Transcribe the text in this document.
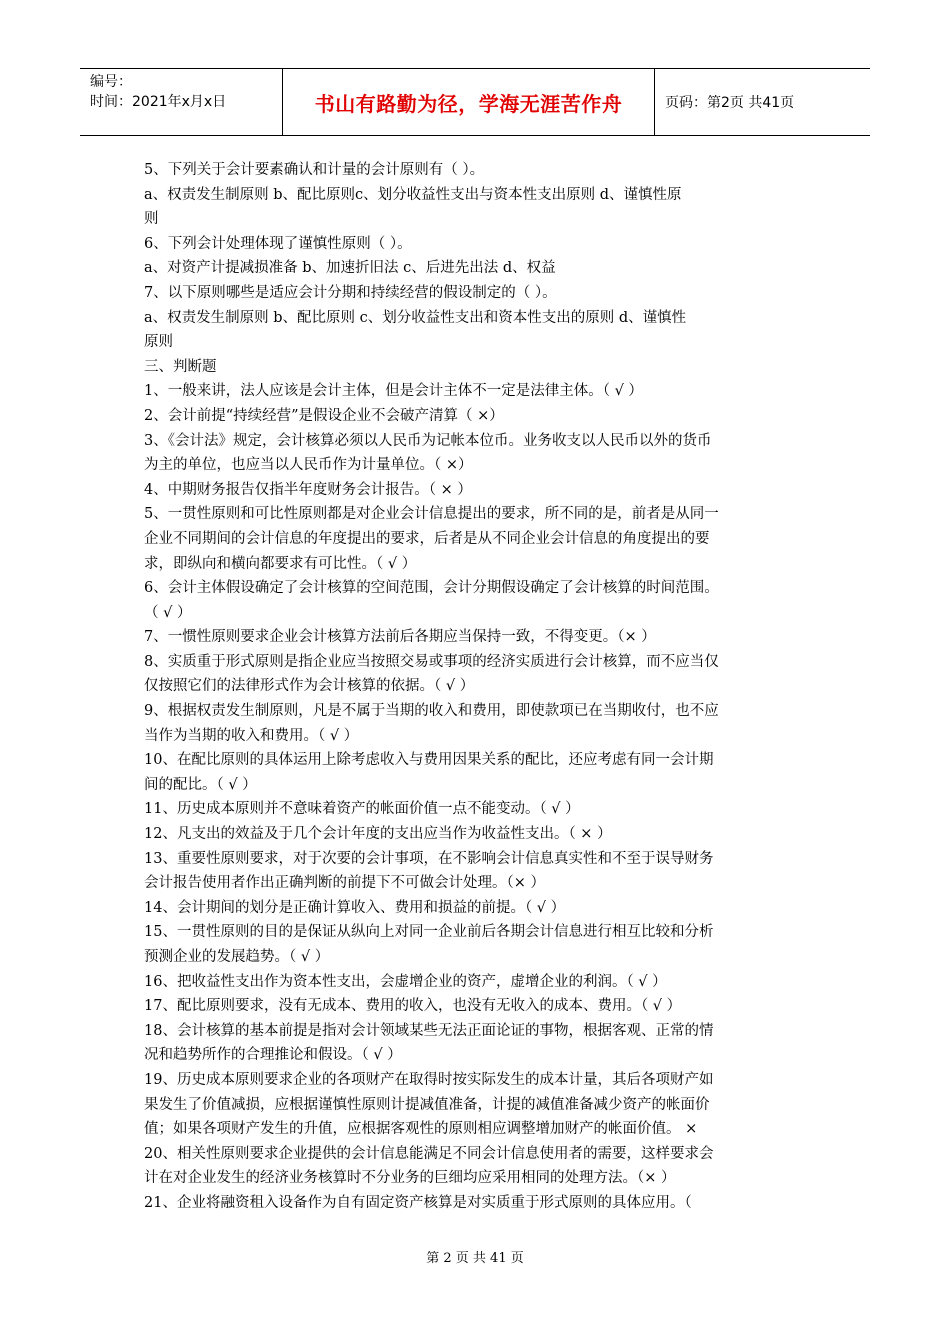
编号：
时间：2021年x月x日	书山有路勤为径，学海无涯苦作舟	页码：第2页 共41页
5、下列关于会计要素确认和计量的会计原则有（ ）。
a、权责发生制原则 b、配比原则c、划分收益性支出与资本性支出原则 d、谨慎性原
则
6、下列会计处理体现了谨慎性原则（ ）。
a、对资产计提减损准备 b、加速折旧法 c、后进先出法 d、权益
7、以下原则哪些是适应会计分期和持续经营的假设制定的（ ）。
a、权责发生制原则 b、配比原则 c、划分收益性支出和资本性支出的原则 d、谨慎性
原则
三、判断题
1、一般来讲，法人应该是会计主体，但是会计主体不一定是法律主体。（ √ ）
2、会计前提“持续经营”是假设企业不会破产清算（ ×）
3、《会计法》规定，会计核算必须以人民币为记帐本位币。业务收支以人民币以外的货币
为主的单位，也应当以人民币作为计量单位。（ ×）
4、中期财务报告仅指半年度财务会计报告。（ × ）
5、一贯性原则和可比性原则都是对企业会计信息提出的要求，所不同的是，前者是从同一
企业不同期间的会计信息的年度提出的要求，后者是从不同企业会计信息的角度提出的要
求，即纵向和横向都要求有可比性。（ √ ）
6、会计主体假设确定了会计核算的空间范围，会计分期假设确定了会计核算的时间范围。
（ √ ）
7、一惯性原则要求企业会计核算方法前后各期应当保持一致，不得变更。（× ）
8、实质重于形式原则是指企业应当按照交易或事项的经济实质进行会计核算，而不应当仅
仅按照它们的法律形式作为会计核算的依据。（ √ ）
9、根据权责发生制原则，凡是不属于当期的收入和费用，即使款项已在当期收付，也不应
当作为当期的收入和费用。（ √ ）
10、在配比原则的具体运用上除考虑收入与费用因果关系的配比，还应考虑有同一会计期
间的配比。（ √ ）
11、历史成本原则并不意味着资产的帐面价值一点不能变动。（ √ ）
12、凡支出的效益及于几个会计年度的支出应当作为收益性支出。（ × ）
13、重要性原则要求，对于次要的会计事项，在不影响会计信息真实性和不至于误导财务
会计报告使用者作出正确判断的前提下不可做会计处理。（× ）
14、会计期间的划分是正确计算收入、费用和损益的前提。（ √ ）
15、一贯性原则的目的是保证从纵向上对同一企业前后各期会计信息进行相互比较和分析
预测企业的发展趋势。（ √ ）
16、把收益性支出作为资本性支出，会虚增企业的资产，虚增企业的利润。（ √ ）
17、配比原则要求，没有无成本、费用的收入，也没有无收入的成本、费用。（ √ ）
18、会计核算的基本前提是指对会计领域某些无法正面论证的事物，根据客观、正常的情
况和趋势所作的合理推论和假设。（ √ ）
19、历史成本原则要求企业的各项财产在取得时按实际发生的成本计量，其后各项财产如
果发生了价值减损，应根据谨慎性原则计提减值准备，计提的减值准备减少资产的帐面价
值；如果各项财产发生的升值，应根据客观性的原则相应调整增加财产的帐面价值。 ×
20、相关性原则要求企业提供的会计信息能满足不同会计信息使用者的需要，这样要求会
计在对企业发生的经济业务核算时不分业务的巨细均应采用相同的处理方法。（× ）
21、企业将融资租入设备作为自有固定资产核算是对实质重于形式原则的具体应用。（
第 2 页 共 41 页
